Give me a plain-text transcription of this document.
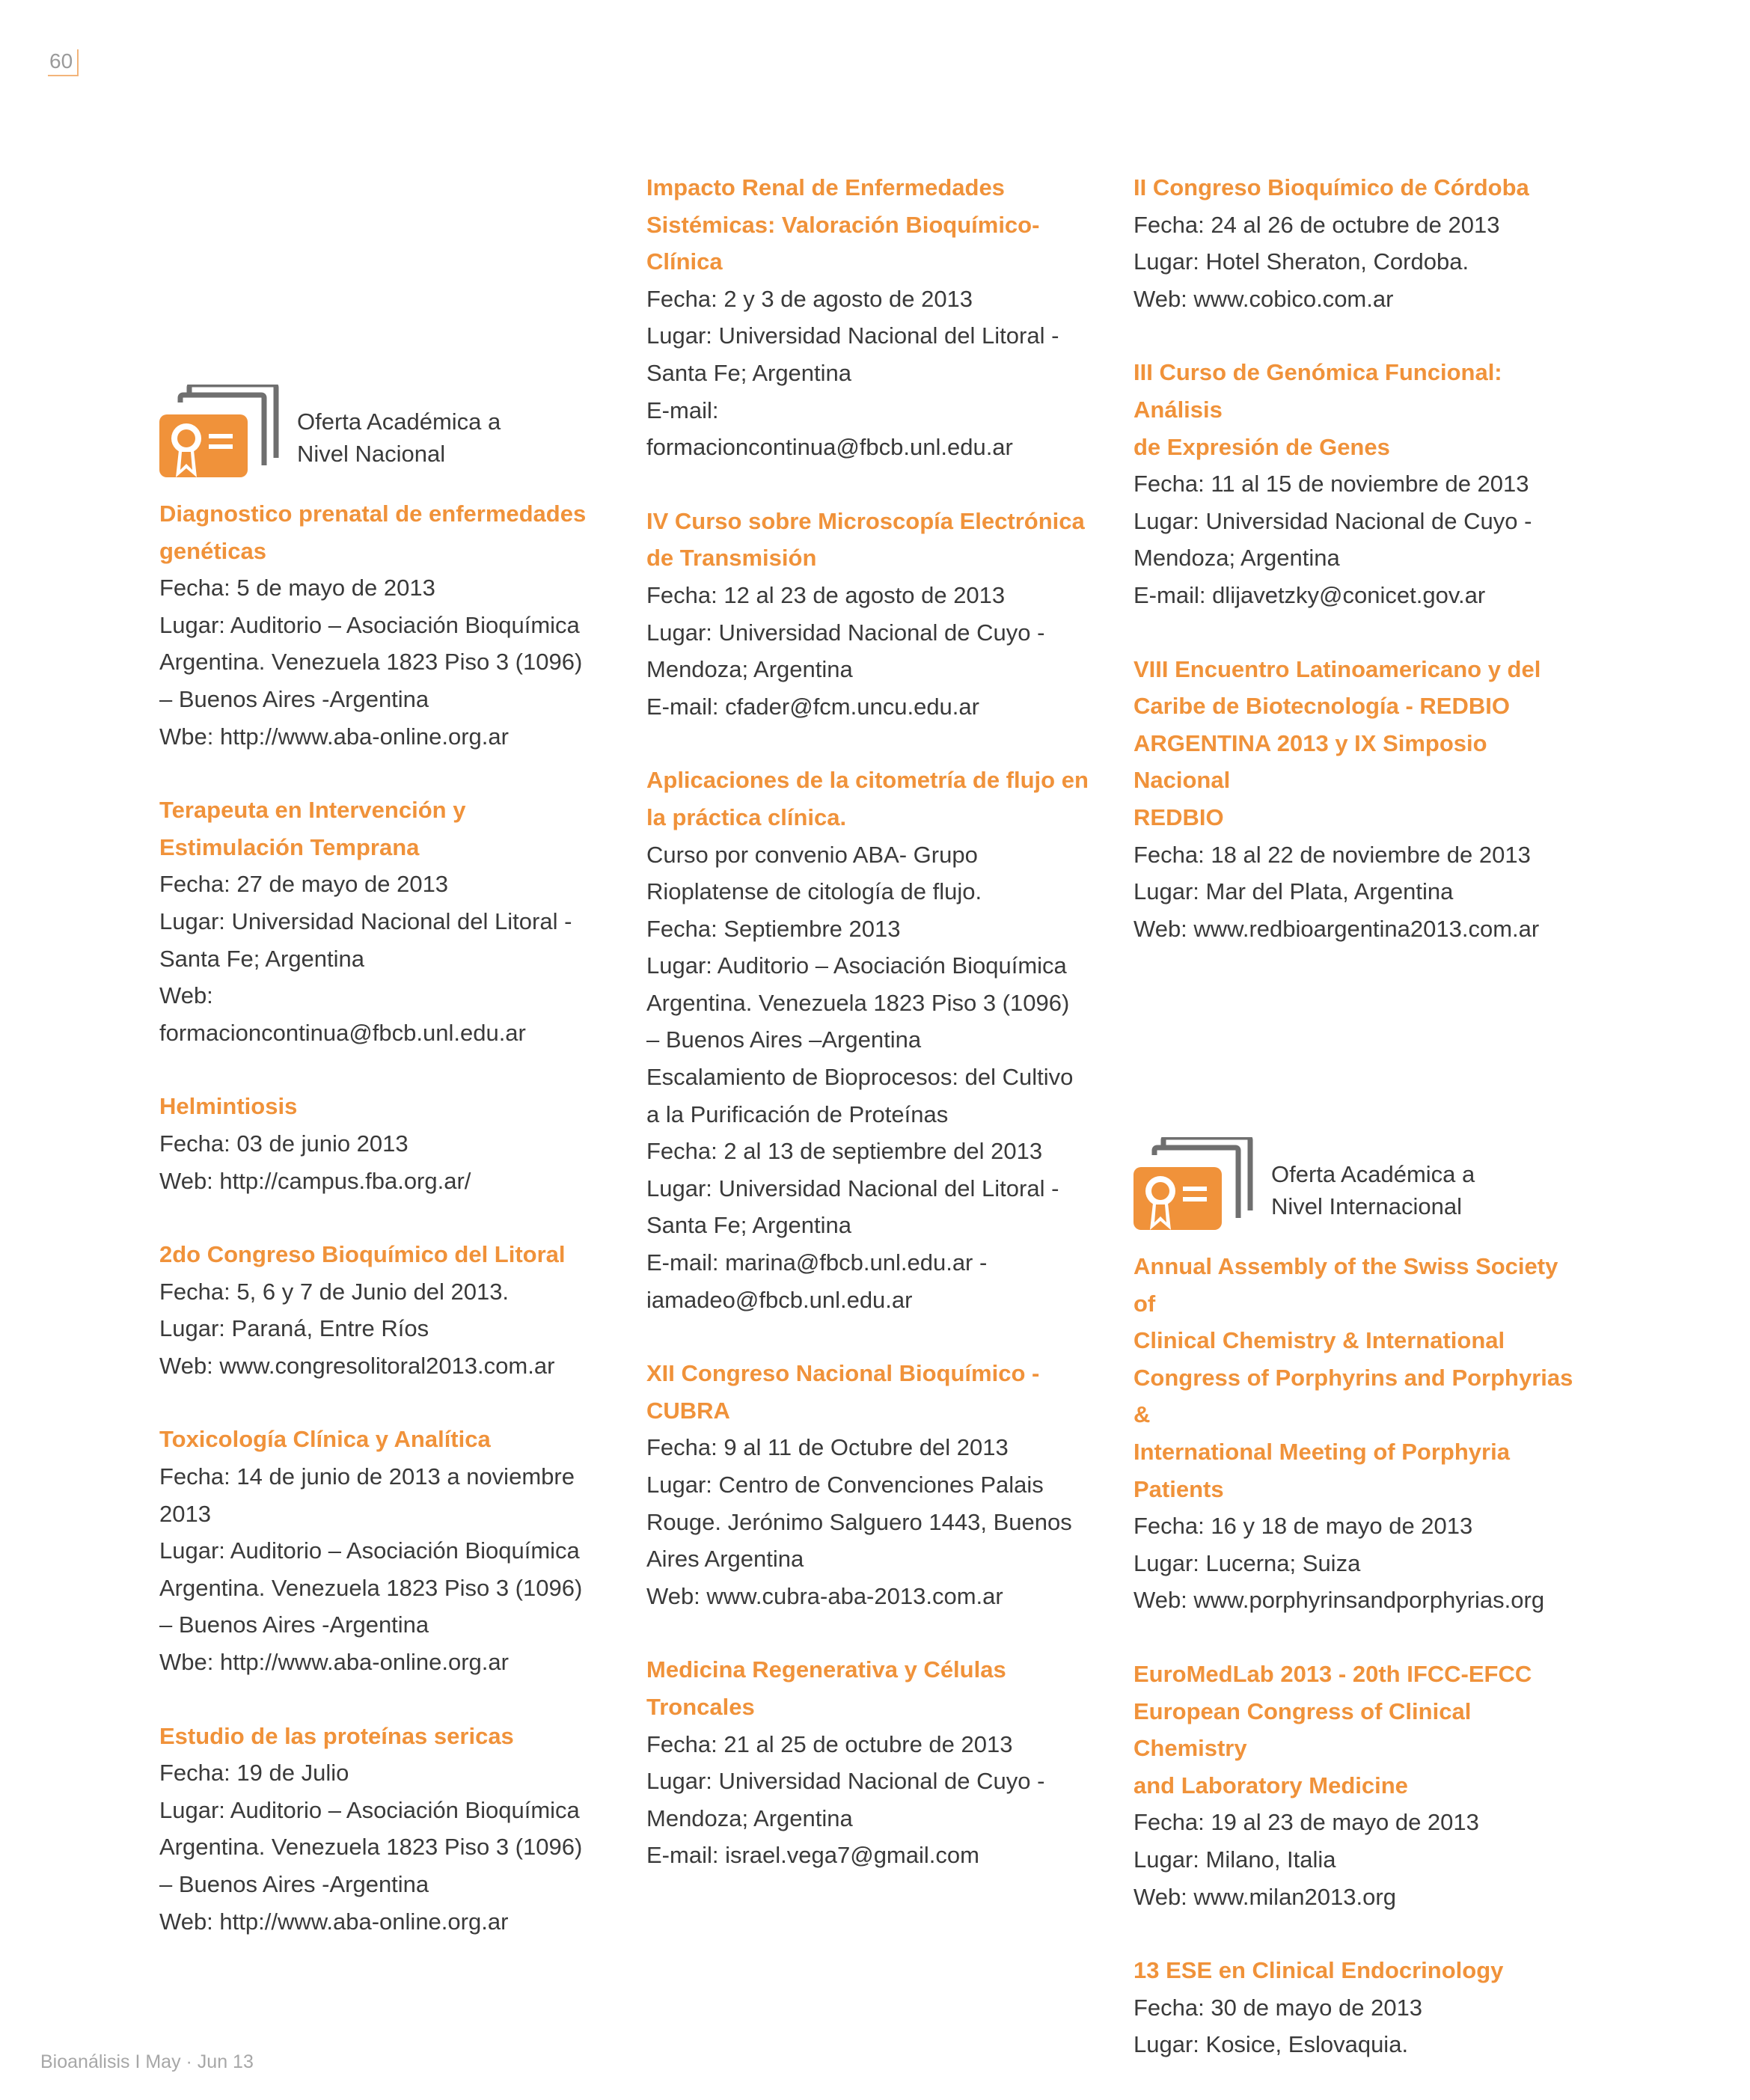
60
Oferta Académica a
Nivel Nacional
Diagnostico prenatal de enfermedades
genéticas
Fecha: 5 de mayo de 2013
Lugar: Auditorio – Asociación Bioquímica
Argentina. Venezuela 1823 Piso 3 (1096)
– Buenos Aires -Argentina
Wbe: http://www.aba-online.org.ar
Terapeuta en Intervención y
Estimulación Temprana
Fecha: 27 de mayo de 2013
Lugar: Universidad Nacional del Litoral -
Santa Fe; Argentina
Web:
formacioncontinua@fbcb.unl.edu.ar
Helmintiosis
Fecha: 03 de junio 2013
Web: http://campus.fba.org.ar/
2do Congreso Bioquímico del Litoral
Fecha: 5, 6 y 7 de Junio del 2013.
Lugar: Paraná, Entre Ríos
Web: www.congresolitoral2013.com.ar
Toxicología Clínica y Analítica
Fecha: 14 de junio de 2013 a noviembre
2013
Lugar: Auditorio – Asociación Bioquímica
Argentina. Venezuela 1823 Piso 3 (1096)
– Buenos Aires -Argentina
Wbe: http://www.aba-online.org.ar
Estudio de las proteínas sericas
Fecha: 19 de Julio
Lugar: Auditorio – Asociación Bioquímica
Argentina. Venezuela 1823 Piso 3 (1096)
– Buenos Aires -Argentina
Web: http://www.aba-online.org.ar
Impacto Renal de Enfermedades
Sistémicas: Valoración Bioquímico-
Clínica
Fecha: 2 y 3 de agosto de 2013
Lugar: Universidad Nacional del Litoral -
Santa Fe; Argentina
E-mail:
formacioncontinua@fbcb.unl.edu.ar
IV Curso sobre Microscopía Electrónica
de Transmisión
Fecha: 12 al 23 de agosto de 2013
Lugar: Universidad Nacional de Cuyo -
Mendoza; Argentina
E-mail: cfader@fcm.uncu.edu.ar
Aplicaciones de la citometría de flujo en
la práctica clínica.
Curso por convenio ABA- Grupo
Rioplatense de citología de flujo.
Fecha: Septiembre 2013
Lugar: Auditorio – Asociación Bioquímica
Argentina. Venezuela 1823 Piso 3 (1096)
– Buenos Aires –Argentina
Escalamiento de Bioprocesos: del Cultivo
a la Purificación de Proteínas
Fecha: 2 al 13 de septiembre del 2013
Lugar: Universidad Nacional del Litoral -
Santa Fe; Argentina
E-mail: marina@fbcb.unl.edu.ar -
iamadeo@fbcb.unl.edu.ar
XII Congreso Nacional Bioquímico -
CUBRA
Fecha: 9 al 11 de Octubre del 2013
Lugar: Centro de Convenciones Palais
Rouge. Jerónimo Salguero 1443, Buenos
Aires Argentina
Web: www.cubra-aba-2013.com.ar
Medicina Regenerativa y Células
Troncales
Fecha: 21 al 25 de octubre de 2013
Lugar: Universidad Nacional de Cuyo -
Mendoza; Argentina
E-mail: israel.vega7@gmail.com
II Congreso Bioquímico de Córdoba
Fecha: 24 al 26 de octubre de 2013
Lugar: Hotel Sheraton, Cordoba.
Web: www.cobico.com.ar
III Curso de Genómica Funcional: Análisis
de Expresión de Genes
Fecha: 11 al 15 de noviembre de 2013
Lugar: Universidad Nacional de Cuyo -
Mendoza; Argentina
E-mail: dlijavetzky@conicet.gov.ar
VIII Encuentro Latinoamericano y del
Caribe de Biotecnología - REDBIO
ARGENTINA 2013 y IX Simposio Nacional
REDBIO
Fecha: 18 al 22 de noviembre de 2013
Lugar: Mar del Plata, Argentina
Web: www.redbioargentina2013.com.ar
Oferta Académica a
Nivel Internacional
Annual Assembly of the Swiss Society of
Clinical Chemistry & International
Congress of Porphyrins and Porphyrias &
International Meeting of Porphyria
Patients
Fecha: 16 y 18 de mayo de 2013
Lugar: Lucerna; Suiza
Web: www.porphyrinsandporphyrias.org
EuroMedLab 2013 - 20th IFCC-EFCC
European Congress of Clinical Chemistry
and Laboratory Medicine
Fecha: 19 al 23 de mayo de 2013
Lugar: Milano, Italia
Web: www.milan2013.org
13 ESE en Clinical Endocrinology
Fecha: 30 de mayo de 2013
Lugar: Kosice, Eslovaquia.
Bioanálisis I May · Jun 13
